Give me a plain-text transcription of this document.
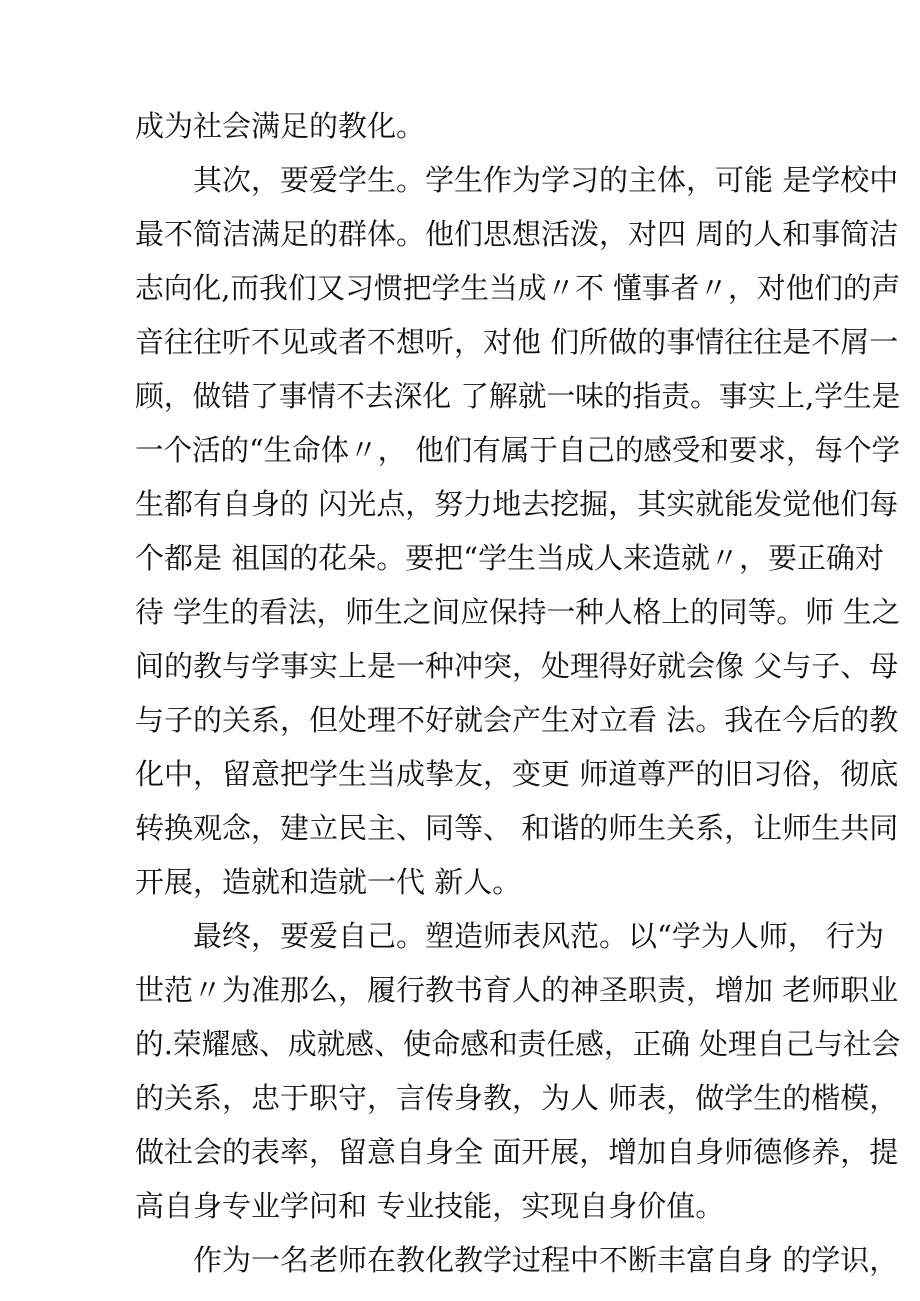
成为社会满足的教化。
其次，要爱学生。学生作为学习的主体，可能 是学校中
最不简洁满足的群体。他们思想活泼，对四 周的人和事简洁
志向化,而我们又习惯把学生当成〃不 懂事者〃，对他们的声
音往往听不见或者不想听，对他 们所做的事情往往是不屑一
顾，做错了事情不去深化 了解就一味的指责。事实上,学生是
一个活的“生命体〃， 他们有属于自己的感受和要求，每个学
生都有自身的 闪光点，努力地去挖掘，其实就能发觉他们每
个都是 祖国的花朵。要把“学生当成人来造就〃，要正确对
待 学生的看法，师生之间应保持一种人格上的同等。师 生之
间的教与学事实上是一种冲突，处理得好就会像 父与子、母
与子的关系，但处理不好就会产生对立看 法。我在今后的教
化中，留意把学生当成挚友，变更 师道尊严的旧习俗，彻底
转换观念，建立民主、同等、 和谐的师生关系，让师生共同
开展，造就和造就一代 新人。
最终，要爱自己。塑造师表风范。以“学为人师， 行为
世范〃为准那么，履行教书育人的神圣职责，增加 老师职业
的.荣耀感、成就感、使命感和责任感，正确 处理自己与社会
的关系，忠于职守，言传身教，为人 师表，做学生的楷模，
做社会的表率，留意自身全 面开展，增加自身师德修养，提
高自身专业学问和 专业技能，实现自身价值。
作为一名老师在教化教学过程中不断丰富自身 的学识，
